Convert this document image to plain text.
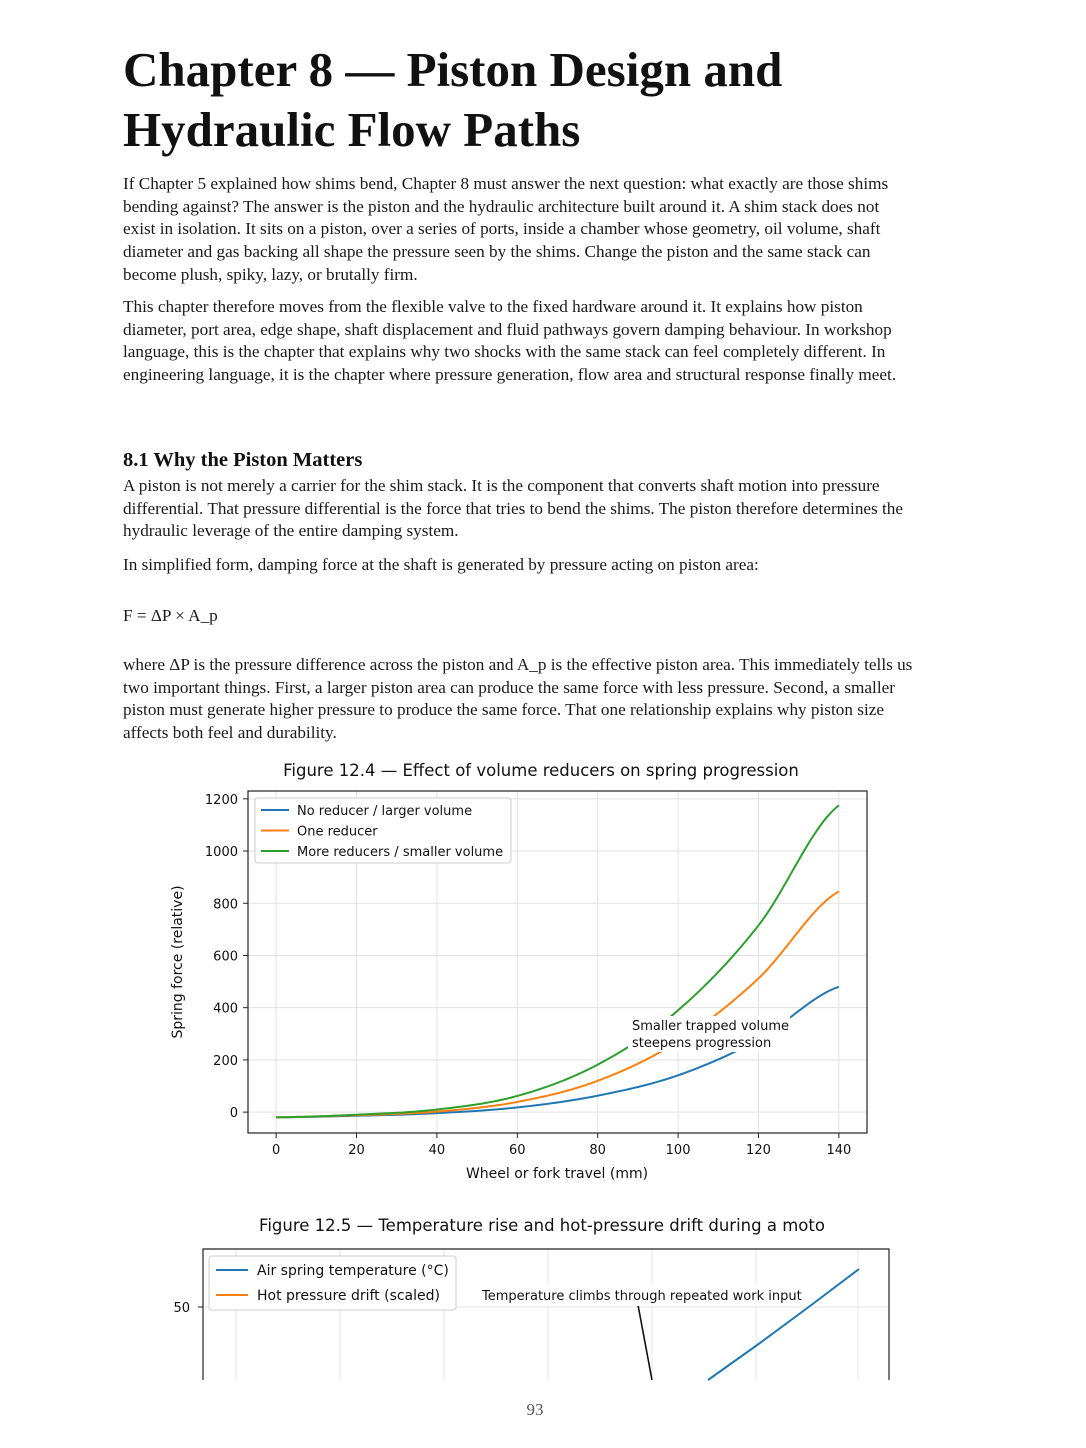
Chapter 8 — Piston Design and Hydraulic Flow Paths

If Chapter 5 explained how shims bend, Chapter 8 must answer the next question: what exactly are those shims bending against? The answer is the piston and the hydraulic architecture built around it. A shim stack does not exist in isolation. It sits on a piston, over a series of ports, inside a chamber whose geometry, oil volume, shaft diameter and gas backing all shape the pressure seen by the shims. Change the piston and the same stack can become plush, spiky, lazy, or brutally firm.

This chapter therefore moves from the flexible valve to the fixed hardware around it. It explains how piston diameter, port area, edge shape, shaft displacement and fluid pathways govern damping behaviour. In workshop language, this is the chapter that explains why two shocks with the same stack can feel completely different. In engineering language, it is the chapter where pressure generation, flow area and structural response finally meet.

8.1 Why the Piston Matters

A piston is not merely a carrier for the shim stack. It is the component that converts shaft motion into pressure differential. That pressure differential is the force that tries to bend the shims. The piston therefore determines the hydraulic leverage of the entire damping system.

In simplified form, damping force at the shaft is generated by pressure acting on piston area:

F = ΔP × A_p

where ΔP is the pressure difference across the piston and A_p is the effective piston area. This immediately tells us two important things. First, a larger piston area can produce the same force with less pressure. Second, a smaller piston must generate higher pressure to produce the same force. That one relationship explains why piston size affects both feel and durability.

Figure 12.4 — Effect of volume reducers on spring progression
0	20	40	60	80	100	120	140
0
200
400
600
800
1000
1200
Wheel or fork travel (mm)
Spring force (relative)	Smaller trapped volume
steepens progression
No reducer / larger volume
One reducer
More reducers / smaller volume
Figure 12.5 — Temperature rise and hot-pressure drift during a moto
Temperature climbs through repeated work input
50
Air spring temperature (°C)
Hot pressure drift (scaled)
93
